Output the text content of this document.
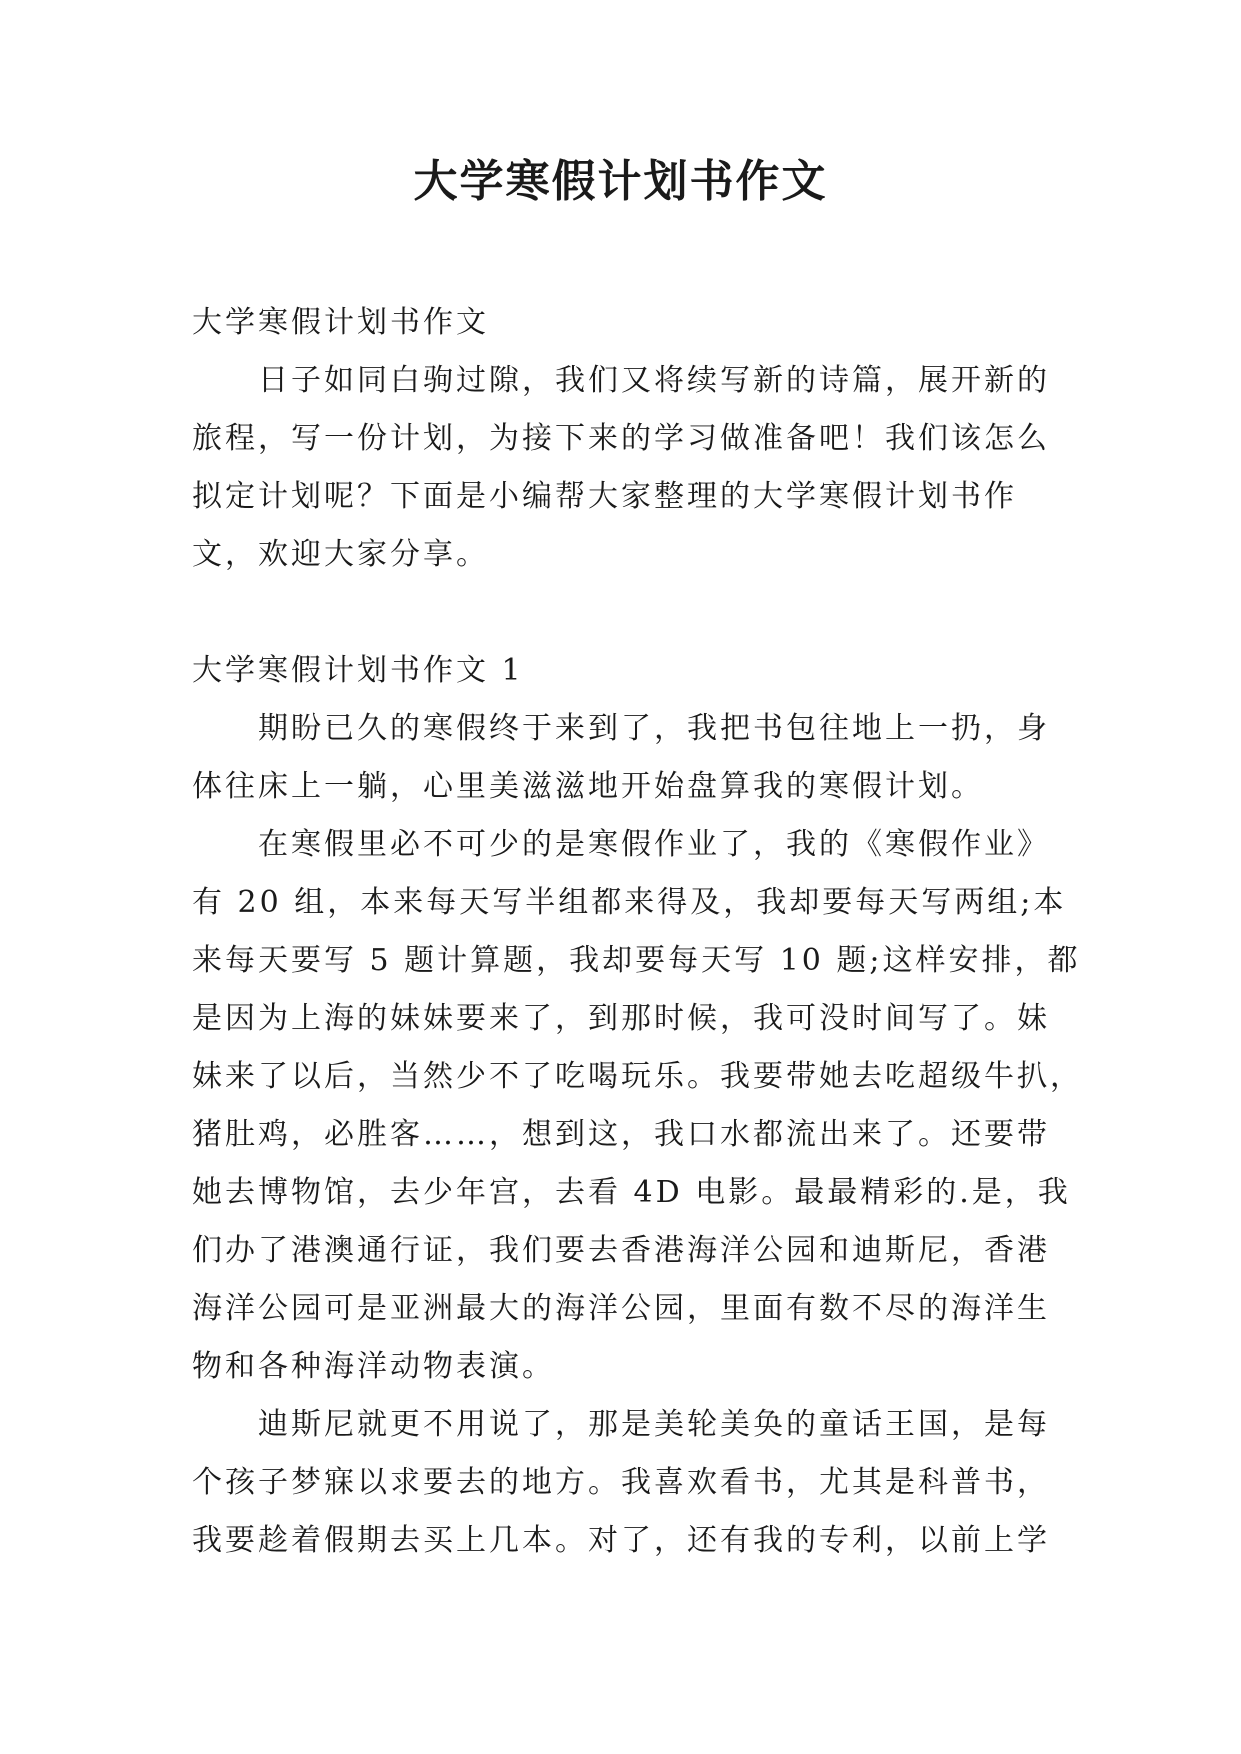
大学寒假计划书作文

大学寒假计划书作文

　　日子如同白驹过隙，我们又将续写新的诗篇，展开新的

旅程，写一份计划，为接下来的学习做准备吧！我们该怎么

拟定计划呢？下面是小编帮大家整理的大学寒假计划书作

文，欢迎大家分享。

大学寒假计划书作文 1

　　期盼已久的寒假终于来到了，我把书包往地上一扔，身

体往床上一躺，心里美滋滋地开始盘算我的寒假计划。

　　在寒假里必不可少的是寒假作业了，我的《寒假作业》

有 20 组，本来每天写半组都来得及，我却要每天写两组;本

来每天要写 5 题计算题，我却要每天写 10 题;这样安排，都

是因为上海的妹妹要来了，到那时候，我可没时间写了。妹

妹来了以后，当然少不了吃喝玩乐。我要带她去吃超级牛扒，

猪肚鸡，必胜客……，想到这，我口水都流出来了。还要带

她去博物馆，去少年宫，去看 4D 电影。最最精彩的.是，我

们办了港澳通行证，我们要去香港海洋公园和迪斯尼，香港

海洋公园可是亚洲最大的海洋公园，里面有数不尽的海洋生

物和各种海洋动物表演。

　　迪斯尼就更不用说了，那是美轮美奂的童话王国，是每

个孩子梦寐以求要去的地方。我喜欢看书，尤其是科普书，

我要趁着假期去买上几本。对了，还有我的专利，以前上学
